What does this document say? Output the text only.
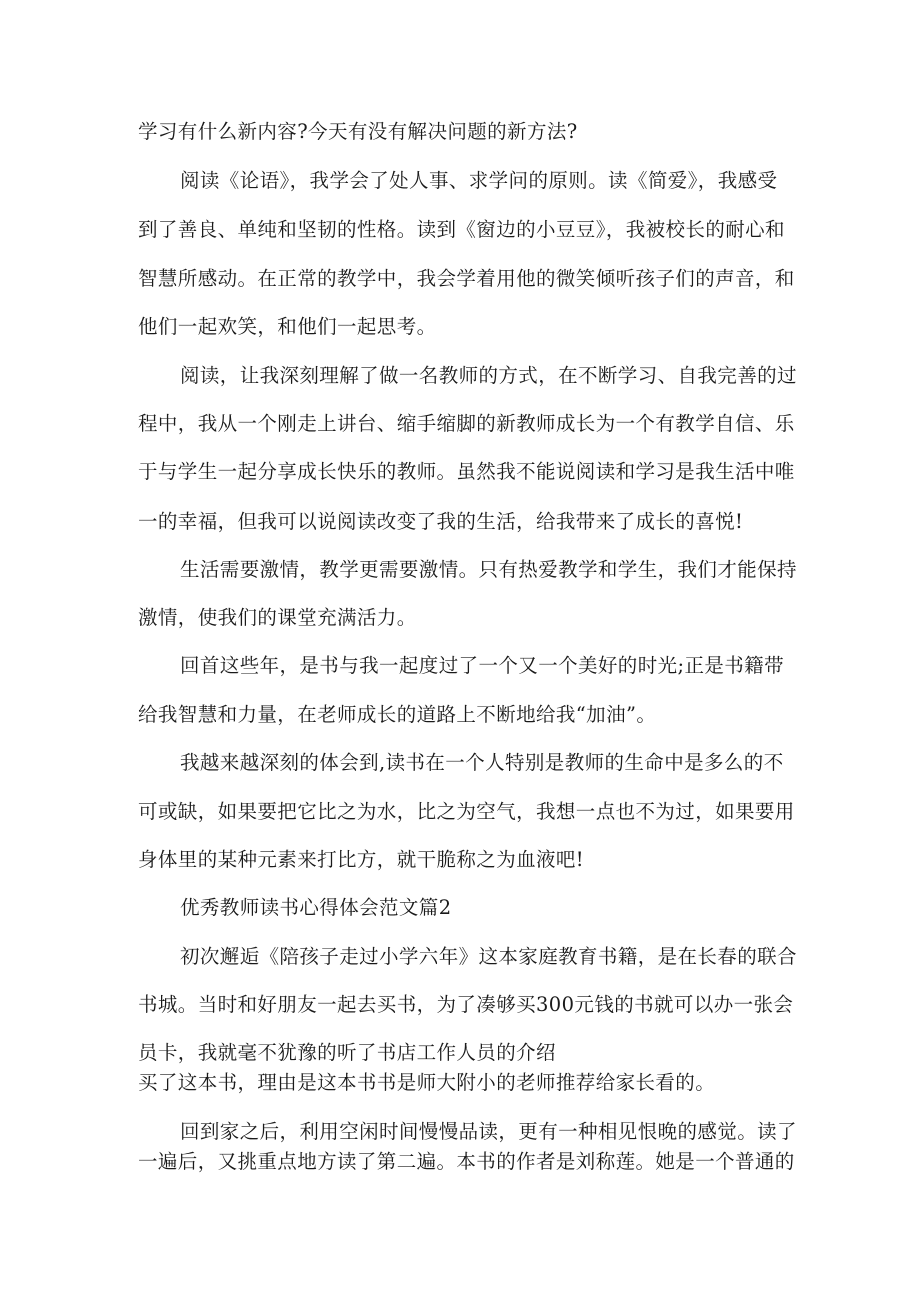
学习有什么新内容?今天有没有解决问题的新方法?
阅读《论语》，我学会了处人事、求学问的原则。读《简爱》，我感受
到了善良、单纯和坚韧的性格。读到《窗边的小豆豆》，我被校长的耐心和
智慧所感动。在正常的教学中，我会学着用他的微笑倾听孩子们的声音，和
他们一起欢笑，和他们一起思考。
阅读，让我深刻理解了做一名教师的方式，在不断学习、自我完善的过
程中，我从一个刚走上讲台、缩手缩脚的新教师成长为一个有教学自信、乐
于与学生一起分享成长快乐的教师。虽然我不能说阅读和学习是我生活中唯
一的幸福，但我可以说阅读改变了我的生活，给我带来了成长的喜悦!
生活需要激情，教学更需要激情。只有热爱教学和学生，我们才能保持
激情，使我们的课堂充满活力。
回首这些年，是书与我一起度过了一个又一个美好的时光;正是书籍带
给我智慧和力量，在老师成长的道路上不断地给我“加油”。
我越来越深刻的体会到,读书在一个人特别是教师的生命中是多么的不
可或缺，如果要把它比之为水，比之为空气，我想一点也不为过，如果要用
身体里的某种元素来打比方，就干脆称之为血液吧!
优秀教师读书心得体会范文篇2
初次邂逅《陪孩子走过小学六年》这本家庭教育书籍，是在长春的联合
书城。当时和好朋友一起去买书，为了凑够买300元钱的书就可以办一张会
员卡，我就毫不犹豫的听了书店工作人员的介绍
买了这本书，理由是这本书书是师大附小的老师推荐给家长看的。
回到家之后，利用空闲时间慢慢品读，更有一种相见恨晚的感觉。读了
一遍后，又挑重点地方读了第二遍。本书的作者是刘称莲。她是一个普通的
